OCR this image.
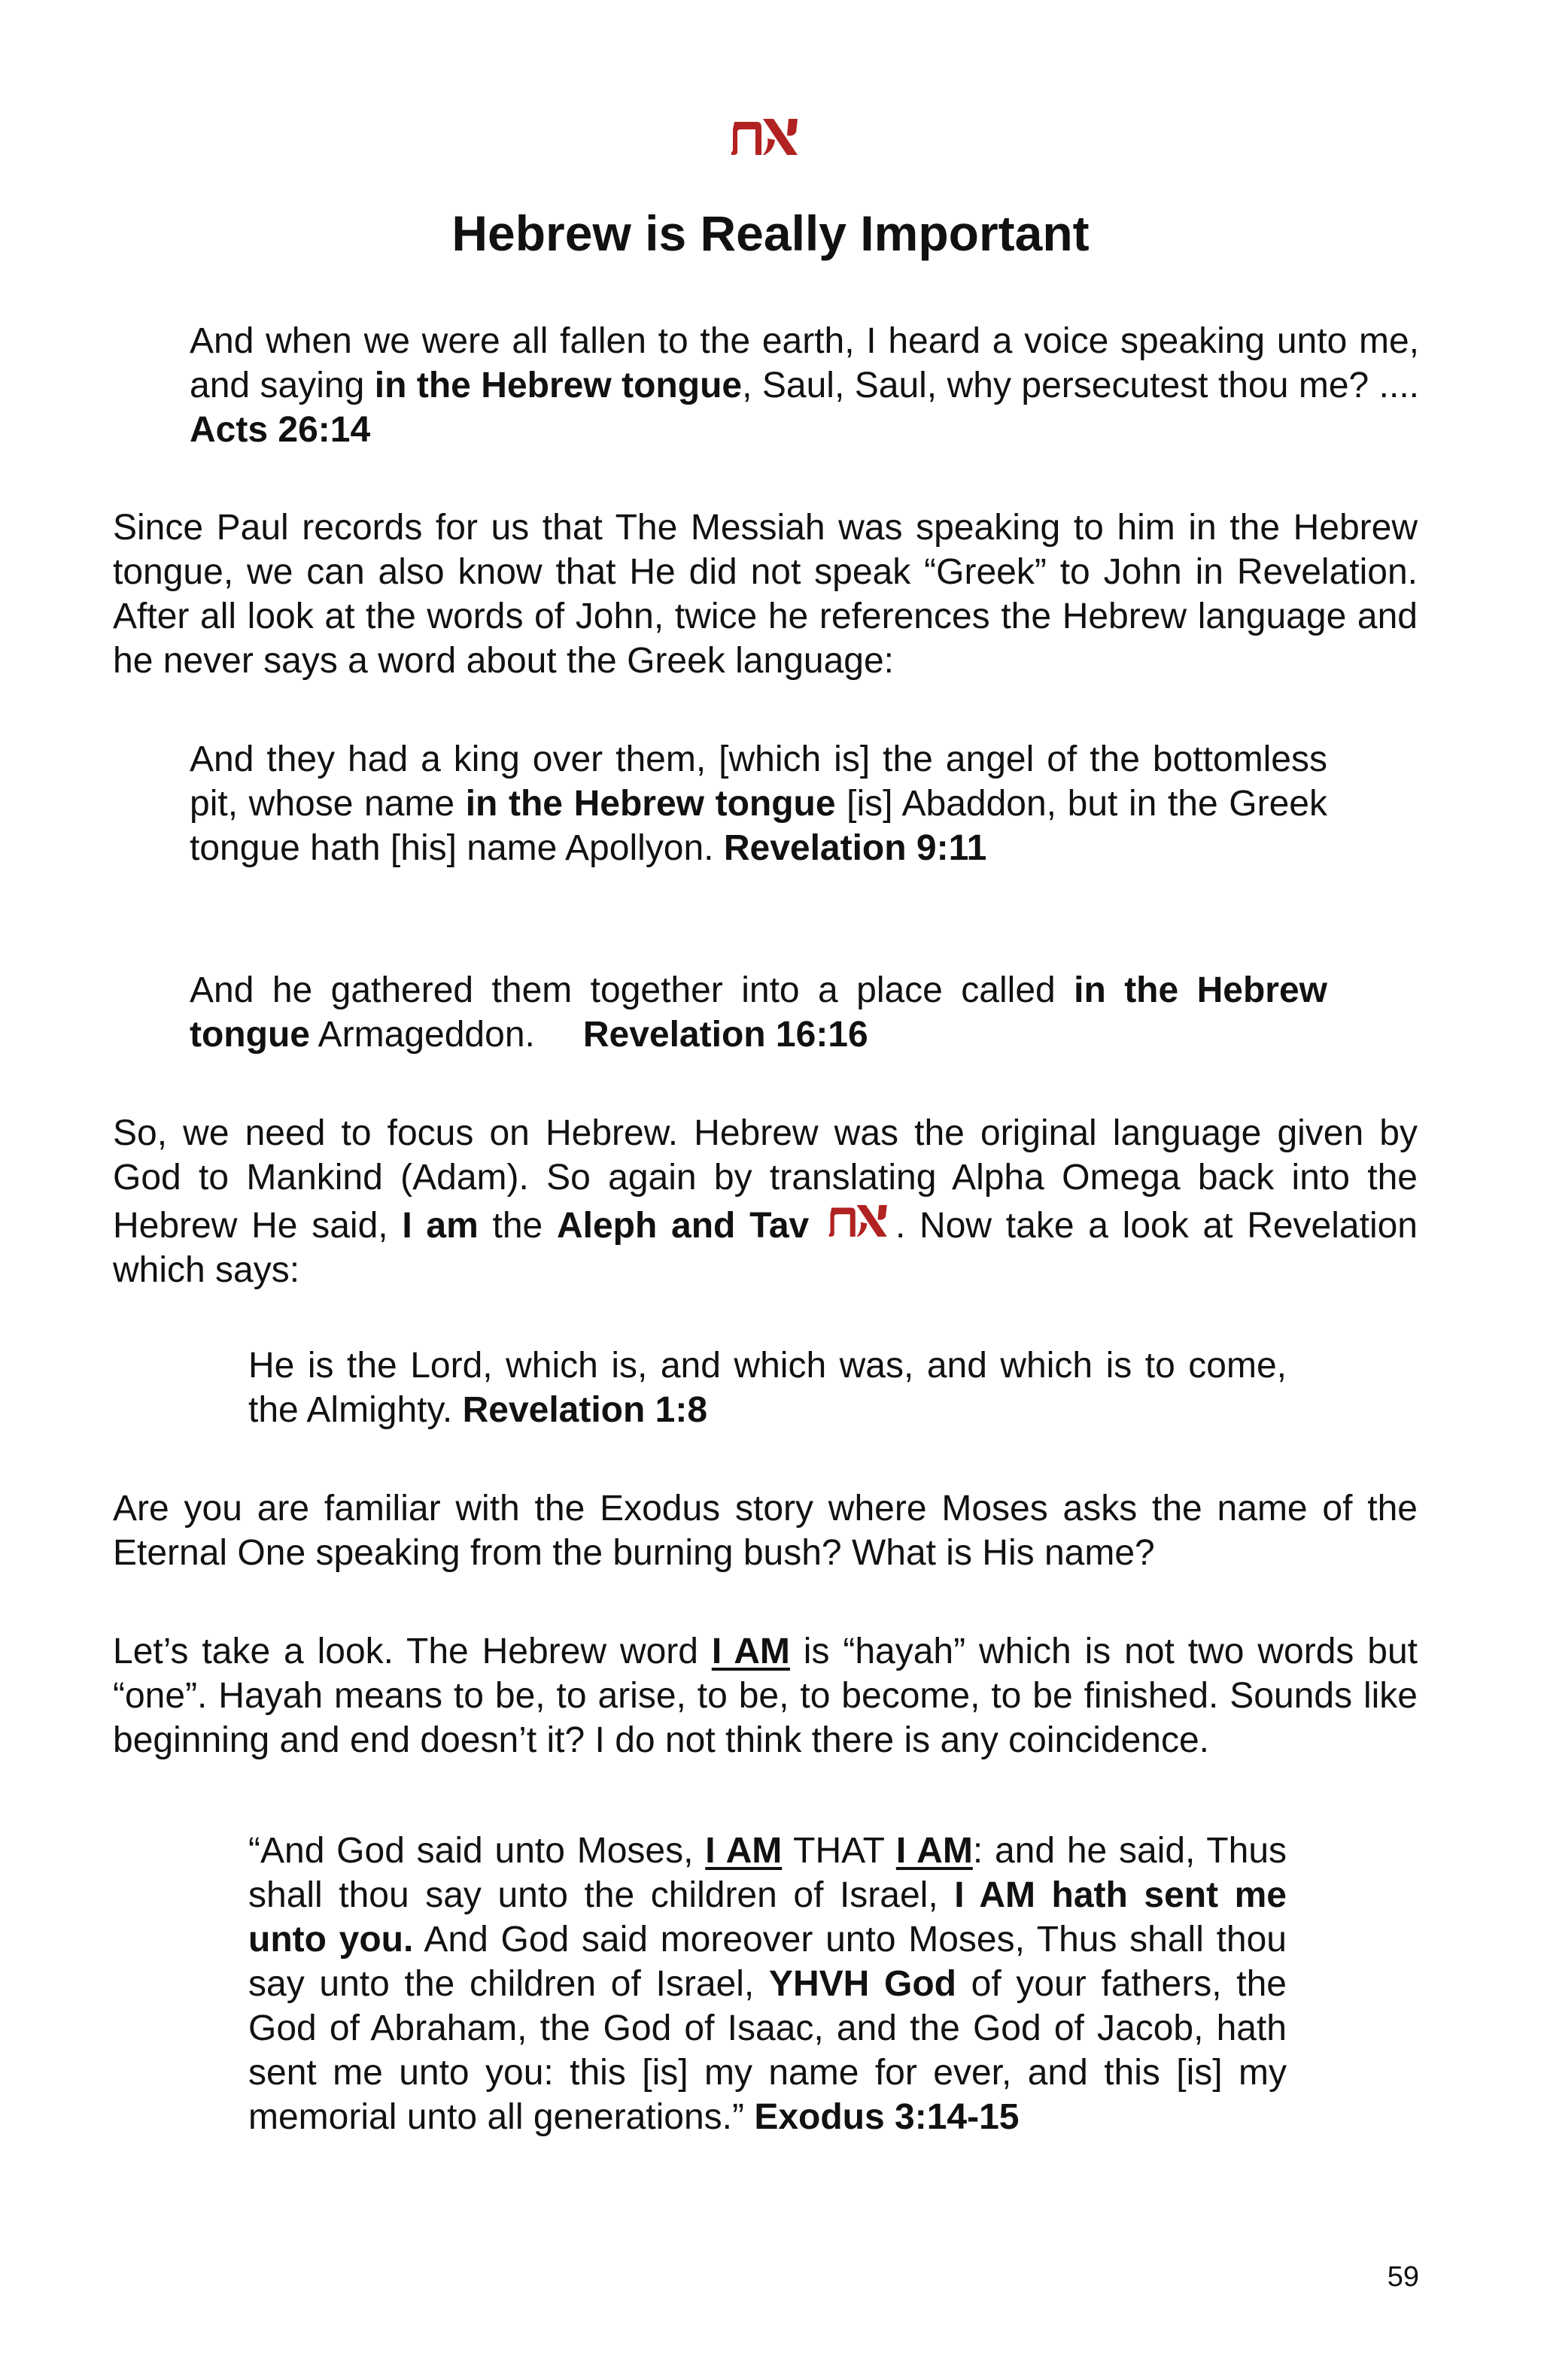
Hebrew is Really Important

And when we were all fallen to the earth, I heard a voice speaking unto me, and saying in the Hebrew tongue, Saul, Saul, why persecutest thou me? .... Acts 26:14

Since Paul records for us that The Messiah was speaking to him in the Hebrew tongue, we can also know that He did not speak “Greek” to John in Revelation. After all look at the words of John, twice he references the Hebrew language and he never says a word about the Greek language:

And they had a king over them, [which is] the angel of the bottomless pit, whose name in the Hebrew tongue [is] Abaddon, but in the Greek tongue hath [his] name Apollyon. Revelation 9:11

And he gathered them together into a place called in the Hebrew tongue Armageddon. Revelation 16:16

So, we need to focus on Hebrew. Hebrew was the original language given by God to Mankind (Adam). So again by translating Alpha Omega back into the Hebrew He said, I am the Aleph and Tav . Now take a look at Revelation which says:

He is the Lord, which is, and which was, and which is to come, the Almighty. Revelation 1:8

Are you are familiar with the Exodus story where Moses asks the name of the Eternal One speaking from the burning bush? What is His name?

Let’s take a look. The Hebrew word I AM is “hayah” which is not two words but “one”. Hayah means to be, to arise, to be, to become, to be finished. Sounds like beginning and end doesn’t it? I do not think there is any coincidence.

“And God said unto Moses, I AM THAT I AM: and he said, Thus shall thou say unto the children of Israel, I AM hath sent me unto you. And God said moreover unto Moses, Thus shall thou say unto the children of Israel, YHVH God of your fathers, the God of Abraham, the God of Isaac, and the God of Jacob, hath sent me unto you: this [is] my name for ever, and this [is] my memorial unto all generations.” Exodus 3:14-15

59
